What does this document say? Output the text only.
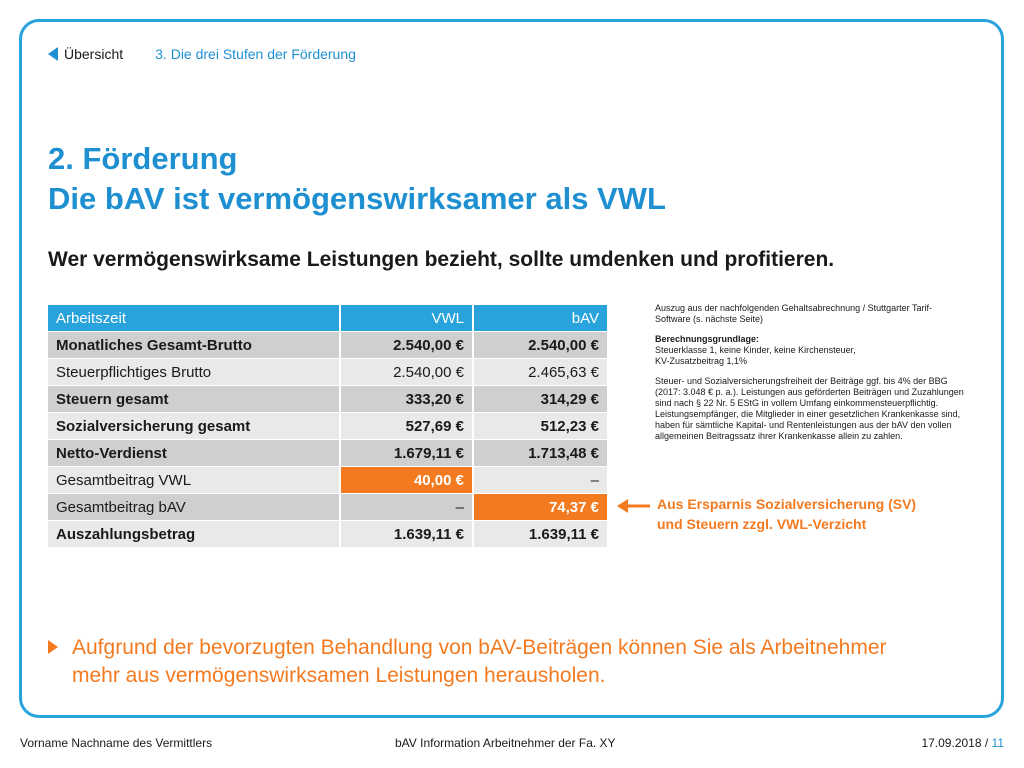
Übersicht 3. Die drei Stufen der Förderung
2. Förderung
Die bAV ist vermögenswirksamer als VWL
Wer vermögenswirksame Leistungen bezieht, sollte umdenken und profitieren.
Arbeitszeit	VWL	bAV
Monatliches Gesamt-Brutto	2.540,00 €	2.540,00 €
Steuerpflichtiges Brutto	2.540,00 €	2.465,63 €
Steuern gesamt	333,20 €	314,29 €
Sozialversicherung gesamt	527,69 €	512,23 €
Netto-Verdienst	1.679,11 €	1.713,48 €
Gesamtbeitrag VWL	40,00 €	–
Gesamtbeitrag bAV	–	74,37 €
Auszahlungsbetrag	1.639,11 €	1.639,11 €

Auszug aus der nachfolgenden Gehaltsabrechnung / Stuttgarter Tarif-Software (s. nächste Seite)

Berechnungsgrundlage:
Steuerklasse 1, keine Kinder, keine Kirchensteuer,
KV-Zusatzbeitrag 1,1%

Steuer- und Sozialversicherungsfreiheit der Beiträge ggf. bis 4% der BBG (2017: 3.048 € p. a.). Leistungen aus geförderten Beiträgen und Zuzahlungen sind nach § 22 Nr. 5 EStG in vollem Umfang einkommensteuerpflichtig. Leistungsempfänger, die Mitglieder in einer gesetzlichen Krankenkasse sind, haben für sämtliche Kapital- und Rentenleistungen aus der bAV den vollen allgemeinen Beitragssatz ihrer Krankenkasse allein zu zahlen.

Aus Ersparnis Sozialversicherung (SV)
und Steuern zzgl. VWL-Verzicht
Aufgrund der bevorzugten Behandlung von bAV-Beiträgen können Sie als Arbeitnehmer mehr aus vermögenswirksamen Leistungen herausholen.
Vorname Nachname des Vermittlers	bAV Information Arbeitnehmer der Fa. XY	17.09.2018 / 11
